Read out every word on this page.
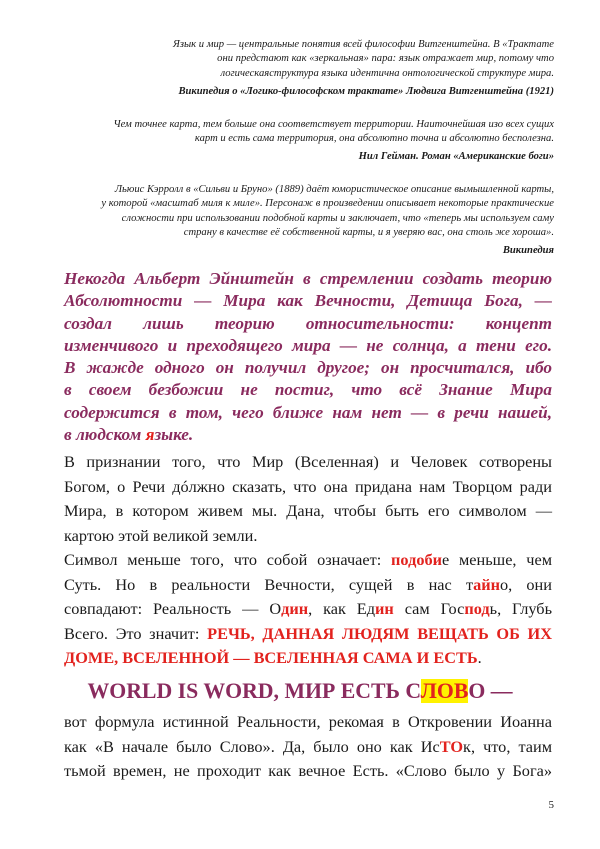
Язык и мир — центральные понятия всей философии Витгенштейна. В «Трактате
они предстают как «зеркальная» пара: язык отражает мир, потому что
логическаяструктура языка идентична онтологической структуре мира.
Википедия о «Логико-философском трактате» Людвига Витгенштейна (1921)
Чем точнее карта, тем больше она соответствует территории. Наиточнейшая изо всех сущих
карт и есть сама территория, она абсолютно точна и абсолютно бесполезна.
Нил Гейман. Роман «Американские боги»
Льюис Кэрролл в «Сильви и Бруно» (1889) даёт юмористическое описание вымышленной карты,
у которой «масштаб миля к миле». Персонаж в произведении описывает некоторые практические
сложности при использовании подобной карты и заключает, что «теперь мы используем саму
страну в качестве её собственной карты, и я уверяю вас, она столь же хороша».
Википедия
Некогда Альберт Эйнштейн в стремлении создать теорию
Абсолютности — Мира как Вечности, Детища Бога, —
создал лишь теорию относительности: концепт
изменчивого и преходящего мира — не солнца, а тени его.
В жажде одного он получил другое; он просчитался, ибо
в своем безбожии не постиг, что всё Знание Мира
содержится в том, чего ближе нам нет — в речи нашей,
в людском языке.
В признании того, что Мир (Вселенная) и Человек сотворены
Богом, о Речи дóлжно сказать, что она придана нам Творцом ради
Мира, в котором живем мы. Дана, чтобы быть его символом —
картою этой великой земли.
Символ меньше того, что собой означает: подобие меньше, чем
Суть. Но в реальности Вечности, сущей в нас тайно, они
совпадают: Реальность — Один, как Един сам Господь, Глубь
Всего. Это значит: РЕЧЬ, ДАННАЯ ЛЮДЯМ ВЕЩАТЬ ОБ ИХ
ДОМЕ, ВСЕЛЕННОЙ — ВСЕЛЕННАЯ САМА И ЕСТЬ.
WORLD IS WORD, МИР ЕСТЬ СЛОВО —
вот формула истинной Реальности, рекомая в Откровении Иоанна
как «В начале было Слово». Да, было оно как ИсТОк, что, таим
тьмой времен, не проходит как вечное Есть. «Слово было у Бога»
5
